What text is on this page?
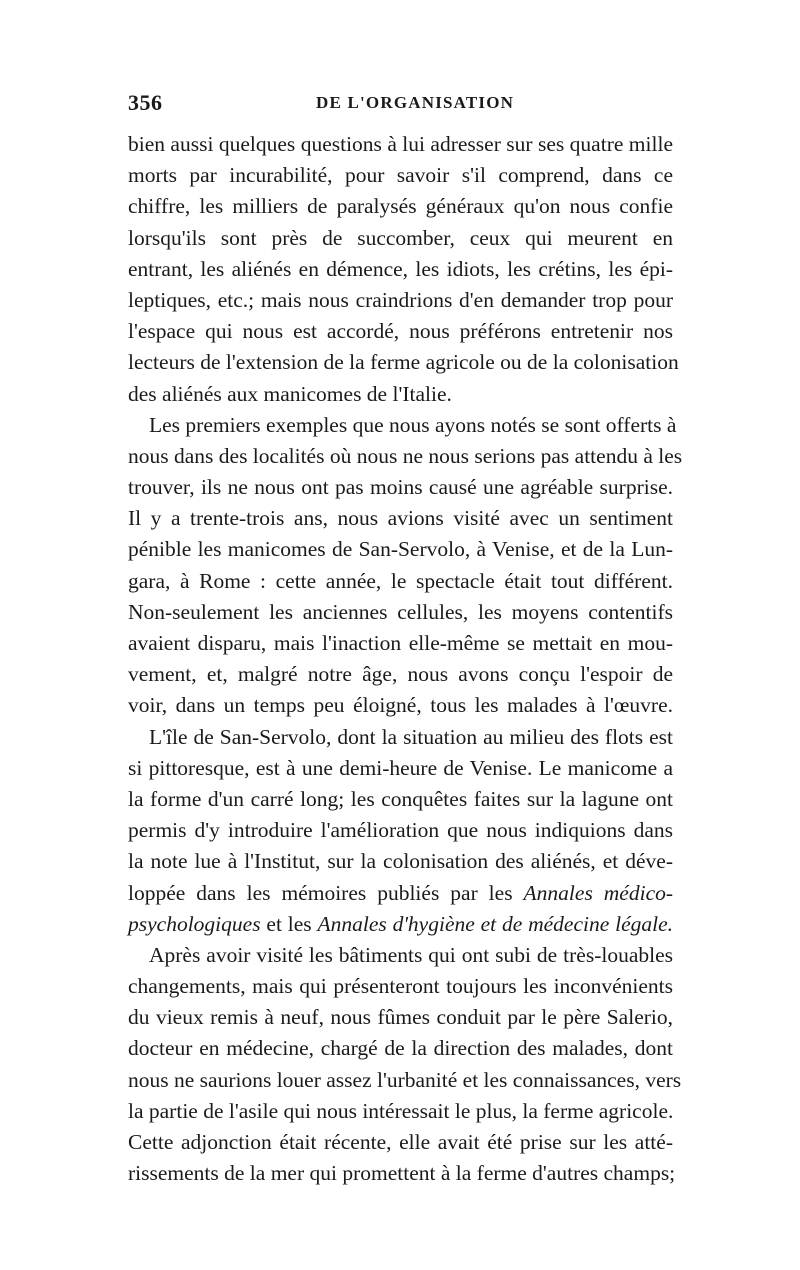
356	DE L'ORGANISATION
bien aussi quelques questions à lui adresser sur ses quatre mille
morts par incurabilité, pour savoir s'il comprend, dans ce
chiffre, les milliers de paralysés généraux qu'on nous confie
lorsqu'ils sont près de succomber, ceux qui meurent en
entrant, les aliénés en démence, les idiots, les crétins, les épi-
leptiques, etc.; mais nous craindrions d'en demander trop pour
l'espace qui nous est accordé, nous préférons entretenir nos
lecteurs de l'extension de la ferme agricole ou de la colonisation
des aliénés aux manicomes de l'Italie.
Les premiers exemples que nous ayons notés se sont offerts à
nous dans des localités où nous ne nous serions pas attendu à les
trouver, ils ne nous ont pas moins causé une agréable surprise.
Il y a trente-trois ans, nous avions visité avec un sentiment
pénible les manicomes de San-Servolo, à Venise, et de la Lun-
gara, à Rome : cette année, le spectacle était tout différent.
Non-seulement les anciennes cellules, les moyens contentifs
avaient disparu, mais l'inaction elle-même se mettait en mou-
vement, et, malgré notre âge, nous avons conçu l'espoir de
voir, dans un temps peu éloigné, tous les malades à l'œuvre.
L'île de San-Servolo, dont la situation au milieu des flots est
si pittoresque, est à une demi-heure de Venise. Le manicome a
la forme d'un carré long; les conquêtes faites sur la lagune ont
permis d'y introduire l'amélioration que nous indiquions dans
la note lue à l'Institut, sur la colonisation des aliénés, et déve-
loppée dans les mémoires publiés par les Annales médico-
psychologiques et les Annales d'hygiène et de médecine légale.
Après avoir visité les bâtiments qui ont subi de très-louables
changements, mais qui présenteront toujours les inconvénients
du vieux remis à neuf, nous fûmes conduit par le père Salerio,
docteur en médecine, chargé de la direction des malades, dont
nous ne saurions louer assez l'urbanité et les connaissances, vers
la partie de l'asile qui nous intéressait le plus, la ferme agricole.
Cette adjonction était récente, elle avait été prise sur les atté-
rissements de la mer qui promettent à la ferme d'autres champs;
